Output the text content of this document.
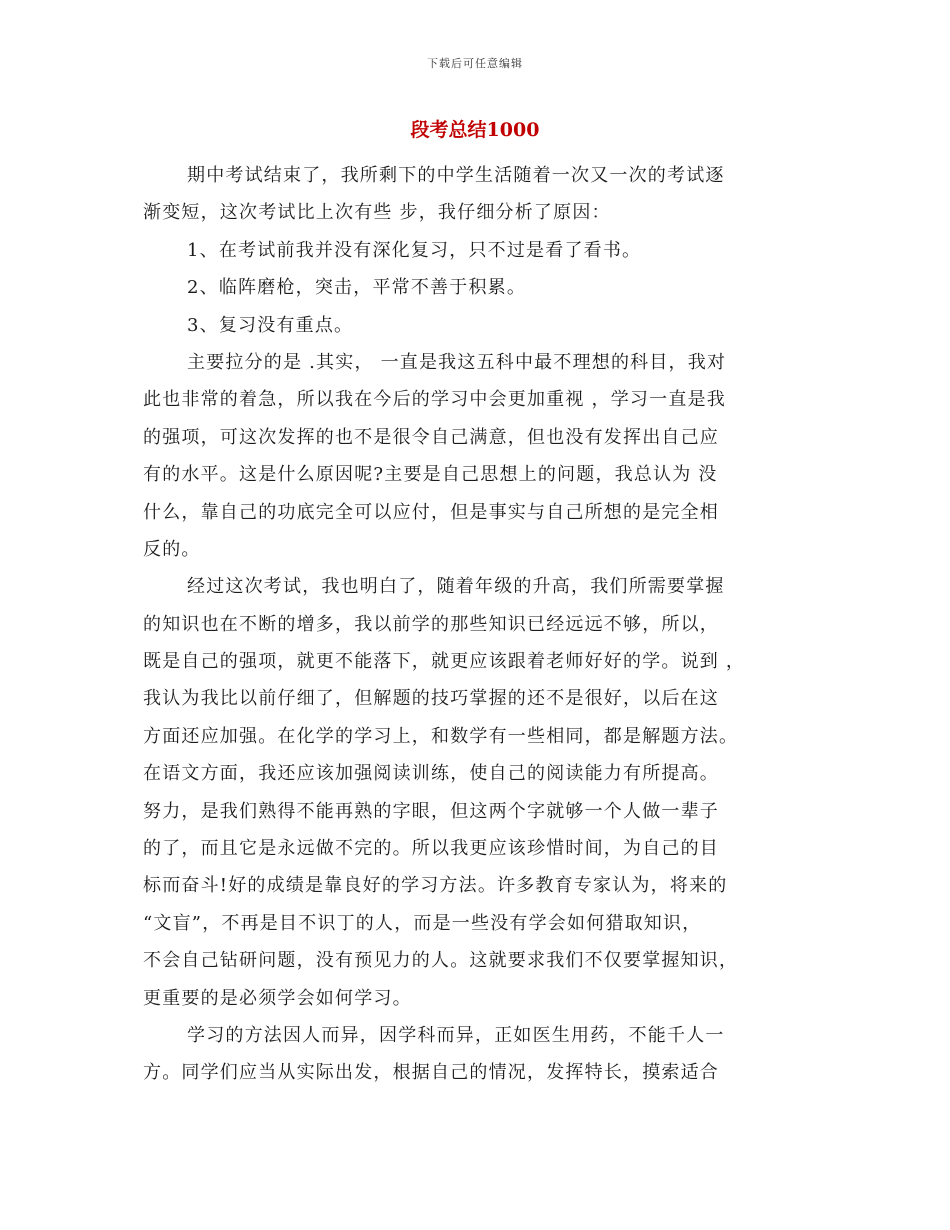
下载后可任意编辑
段考总结1000
期中考试结束了，我所剩下的中学生活随着一次又一次的考试逐
渐变短，这次考试比上次有些 步，我仔细分析了原因：
1、在考试前我并没有深化复习，只不过是看了看书。
2、临阵磨枪，突击，平常不善于积累。
3、复习没有重点。
主要拉分的是 .其实， 一直是我这五科中最不理想的科目，我对
此也非常的着急，所以我在今后的学习中会更加重视 ，学习一直是我
的强项，可这次发挥的也不是很令自己满意，但也没有发挥出自己应
有的水平。这是什么原因呢?主要是自己思想上的问题，我总认为 没
什么，靠自己的功底完全可以应付，但是事实与自己所想的是完全相
反的。
经过这次考试，我也明白了，随着年级的升高，我们所需要掌握
的知识也在不断的增多，我以前学的那些知识已经远远不够，所以，
既是自己的强项，就更不能落下，就更应该跟着老师好好的学。说到 ，
我认为我比以前仔细了，但解题的技巧掌握的还不是很好，以后在这
方面还应加强。在化学的学习上，和数学有一些相同，都是解题方法。
在语文方面，我还应该加强阅读训练，使自己的阅读能力有所提高。
努力，是我们熟得不能再熟的字眼，但这两个字就够一个人做一辈子
的了，而且它是永远做不完的。所以我更应该珍惜时间，为自己的目
标而奋斗!好的成绩是靠良好的学习方法。许多教育专家认为，将来的
“文盲”，不再是目不识丁的人，而是一些没有学会如何猎取知识，
不会自己钻研问题，没有预见力的人。这就要求我们不仅要掌握知识，
更重要的是必须学会如何学习。
学习的方法因人而异，因学科而异，正如医生用药，不能千人一
方。同学们应当从实际出发，根据自己的情况，发挥特长，摸索适合
